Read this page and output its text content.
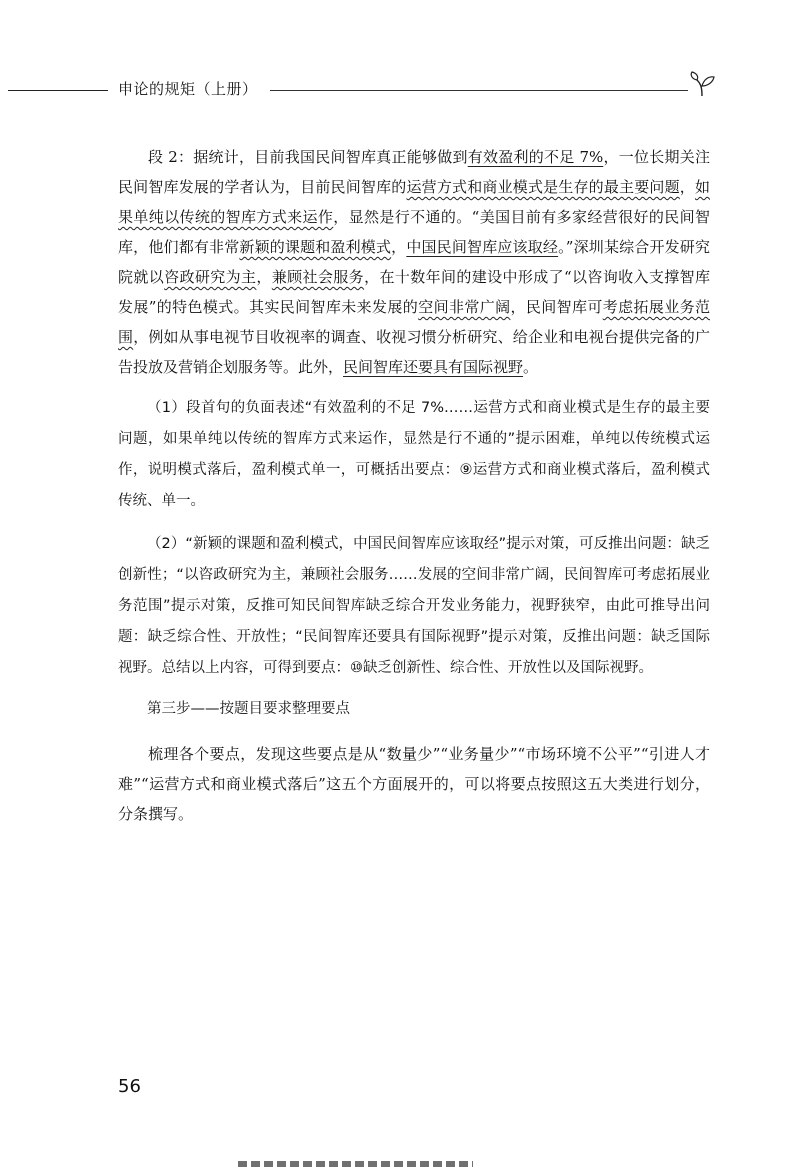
申论的规矩（上册）

段 2：据统计，目前我国民间智库真正能够做到有效盈利的不足 7%，一位长期关注民间智库发展的学者认为，目前民间智库的运营方式和商业模式是生存的最主要问题，如果单纯以传统的智库方式来运作，显然是行不通的。“美国目前有多家经营很好的民间智库，他们都有非常新颖的课题和盈利模式，中国民间智库应该取经。”深圳某综合开发研究院就以咨政研究为主，兼顾社会服务，在十数年间的建设中形成了“以咨询收入支撑智库发展”的特色模式。其实民间智库未来发展的空间非常广阔，民间智库可考虑拓展业务范围，例如从事电视节目收视率的调查、收视习惯分析研究、给企业和电视台提供完备的广告投放及营销企划服务等。此外，民间智库还要具有国际视野。

（1）段首句的负面表述“有效盈利的不足 7%……运营方式和商业模式是生存的最主要问题，如果单纯以传统的智库方式来运作，显然是行不通的”提示困难，单纯以传统模式运作，说明模式落后，盈利模式单一，可概括出要点：⑨运营方式和商业模式落后，盈利模式传统、单一。

（2）“新颖的课题和盈利模式，中国民间智库应该取经”提示对策，可反推出问题：缺乏创新性；“以咨政研究为主，兼顾社会服务……发展的空间非常广阔，民间智库可考虑拓展业务范围”提示对策，反推可知民间智库缺乏综合开发业务能力，视野狭窄，由此可推导出问题：缺乏综合性、开放性；“民间智库还要具有国际视野”提示对策，反推出问题：缺乏国际视野。总结以上内容，可得到要点：⑩缺乏创新性、综合性、开放性以及国际视野。

第三步——按题目要求整理要点

梳理各个要点，发现这些要点是从“数量少”“业务量少”“市场环境不公平”“引进人才难”“运营方式和商业模式落后”这五个方面展开的，可以将要点按照这五大类进行划分，分条撰写。

56
